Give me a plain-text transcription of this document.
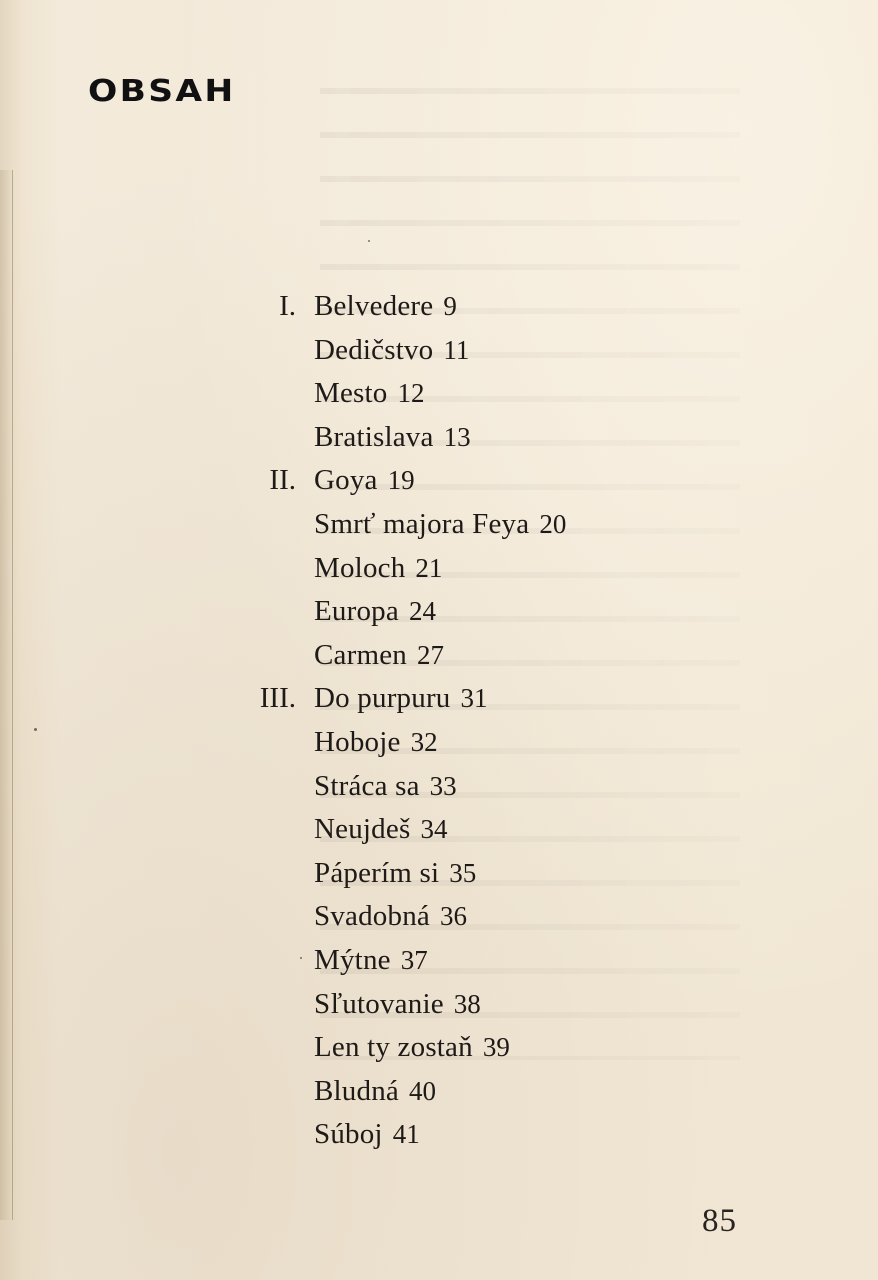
OBSAH
I. Belvedere 9
Dedičstvo 11
Mesto 12
Bratislava 13
II. Goya 19
Smrť majora Feya 20
Moloch 21
Europa 24
Carmen 27
III. Do purpuru 31
Hoboje 32
Strácа sa 33
Neujdeš 34
Páperím si 35
Svadobná 36
Mýtne 37
Sľutovanie 38
Len ty zostaň 39
Bludná 40
Súboj 41
85
